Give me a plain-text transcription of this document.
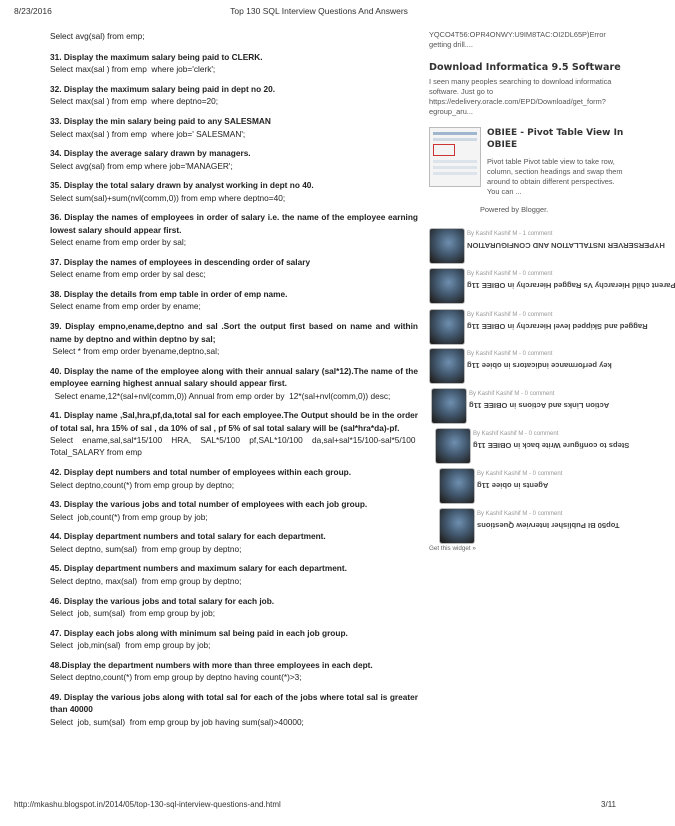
8/23/2016	Top 130 SQL Interview Questions And Answers
Select avg(sal) from emp;
31. Display the maximum salary being paid to CLERK.
Select max(sal ) from emp  where job='clerk';
32. Display the maximum salary being paid in dept no 20.
Select max(sal ) from emp  where deptno=20;
33. Display the min salary being paid to any SALESMAN
Select max(sal ) from emp  where job=' SALESMAN';
34. Display the average salary drawn by managers.
Select avg(sal) from emp where job='MANAGER';
35. Display the total salary drawn by analyst working in dept no 40.
Select sum(sal)+sum(nvl(comm,0)) from emp where deptno=40;
36. Display the names of employees in order of salary i.e. the name of the employee earning lowest salary should appear first.
Select ename from emp order by sal;
37. Display the names of employees in descending order of salary
Select ename from emp order by sal desc;
38. Display the details from emp table in order of emp name.
Select ename from emp order by ename;
39. Display empno,ename,deptno and sal .Sort the output first based on name and within name by deptno and within deptno by sal;
Select * from emp order byename,deptno,sal;
40. Display the name of the employee along with their annual salary (sal*12).The name of the employee earning highest annual salary should appear first.
Select ename,12*(sal+nvl(comm,0)) Annual from emp order by  12*(sal+nvl(comm,0)) desc;
41. Display name ,Sal,hra,pf,da,total sal for each employee.The Output should be in the order of total sal, hra 15% of sal , da 10% of sal , pf 5% of sal total salary will be (sal*hra*da)-pf.
Select    ename,sal,sal*15/100    HRA,    SAL*5/100    pf,SAL*10/100    da,sal+sal*15/100-sal*5/100
Total_SALARY from emp
42. Display dept numbers and total number of employees within each group.
Select deptno,count(*) from emp group by deptno;
43. Display the various jobs and total number of employees with each job group.
Select  job,count(*) from emp group by job;
44. Display department numbers and total salary for each department.
Select deptno, sum(sal)  from emp group by deptno;
45. Display department numbers and maximum salary for each department.
Select deptno, max(sal)  from emp group by deptno;
46. Display the various jobs and total salary for each job.
Select  job, sum(sal)  from emp group by job;
47. Display each jobs along with minimum sal being paid in each job group.
Select  job,min(sal)  from emp group by job;
48.Display the department numbers with more than three employees in each dept.
Select deptno,count(*) from emp group by deptno having count(*)>3;
49. Display the various jobs along with total sal for each of the jobs where total sal is greater than 40000
Select  job, sum(sal)  from emp group by job having sum(sal)>40000;
YQCO4T56:OPR4ONWY:U9IM8TAC:OI2DL65P)Error getting drill....
Download Informatica 9.5 Software

I seen many peoples searching to download informatica software. Just go to https://edelivery.oracle.com/EPD/Download/get_form?egroup_aru...

OBIEE - Pivot Table View In OBIEE

Pivot table Pivot table view to take row, column, section headings and swap them around to obtain different perspectives. You can ...

Powered by Blogger.
By Kashif Kashif M - 1 comment
HYPERSERVER INSTALLATION AND CONFIGURATION
By Kashif Kashif M - 0 comment
Parent child Hierarchy Vs Ragged Hierarchy in OBIEE 11g
By Kashif Kashif M - 0 comment
Ragged and Skipped level Hierarchy in OBIEE 11g
By Kashif Kashif M - 0 comment
key performance indicators in obiee 11g
By Kashif Kashif M - 0 comment
Action Links and Actions in OBIEE 11g
By Kashif Kashif M - 0 comment
Steps to configure Write back in OBIEE 11g
By Kashif Kashif M - 0 comment
Agents in obiee 11g
By Kashif Kashif M - 0 comment
Top50 BI Publisher Interview Questions
Get this widget »
http://mkashu.blogspot.in/2014/05/top-130-sql-interview-questions-and.html	3/11
